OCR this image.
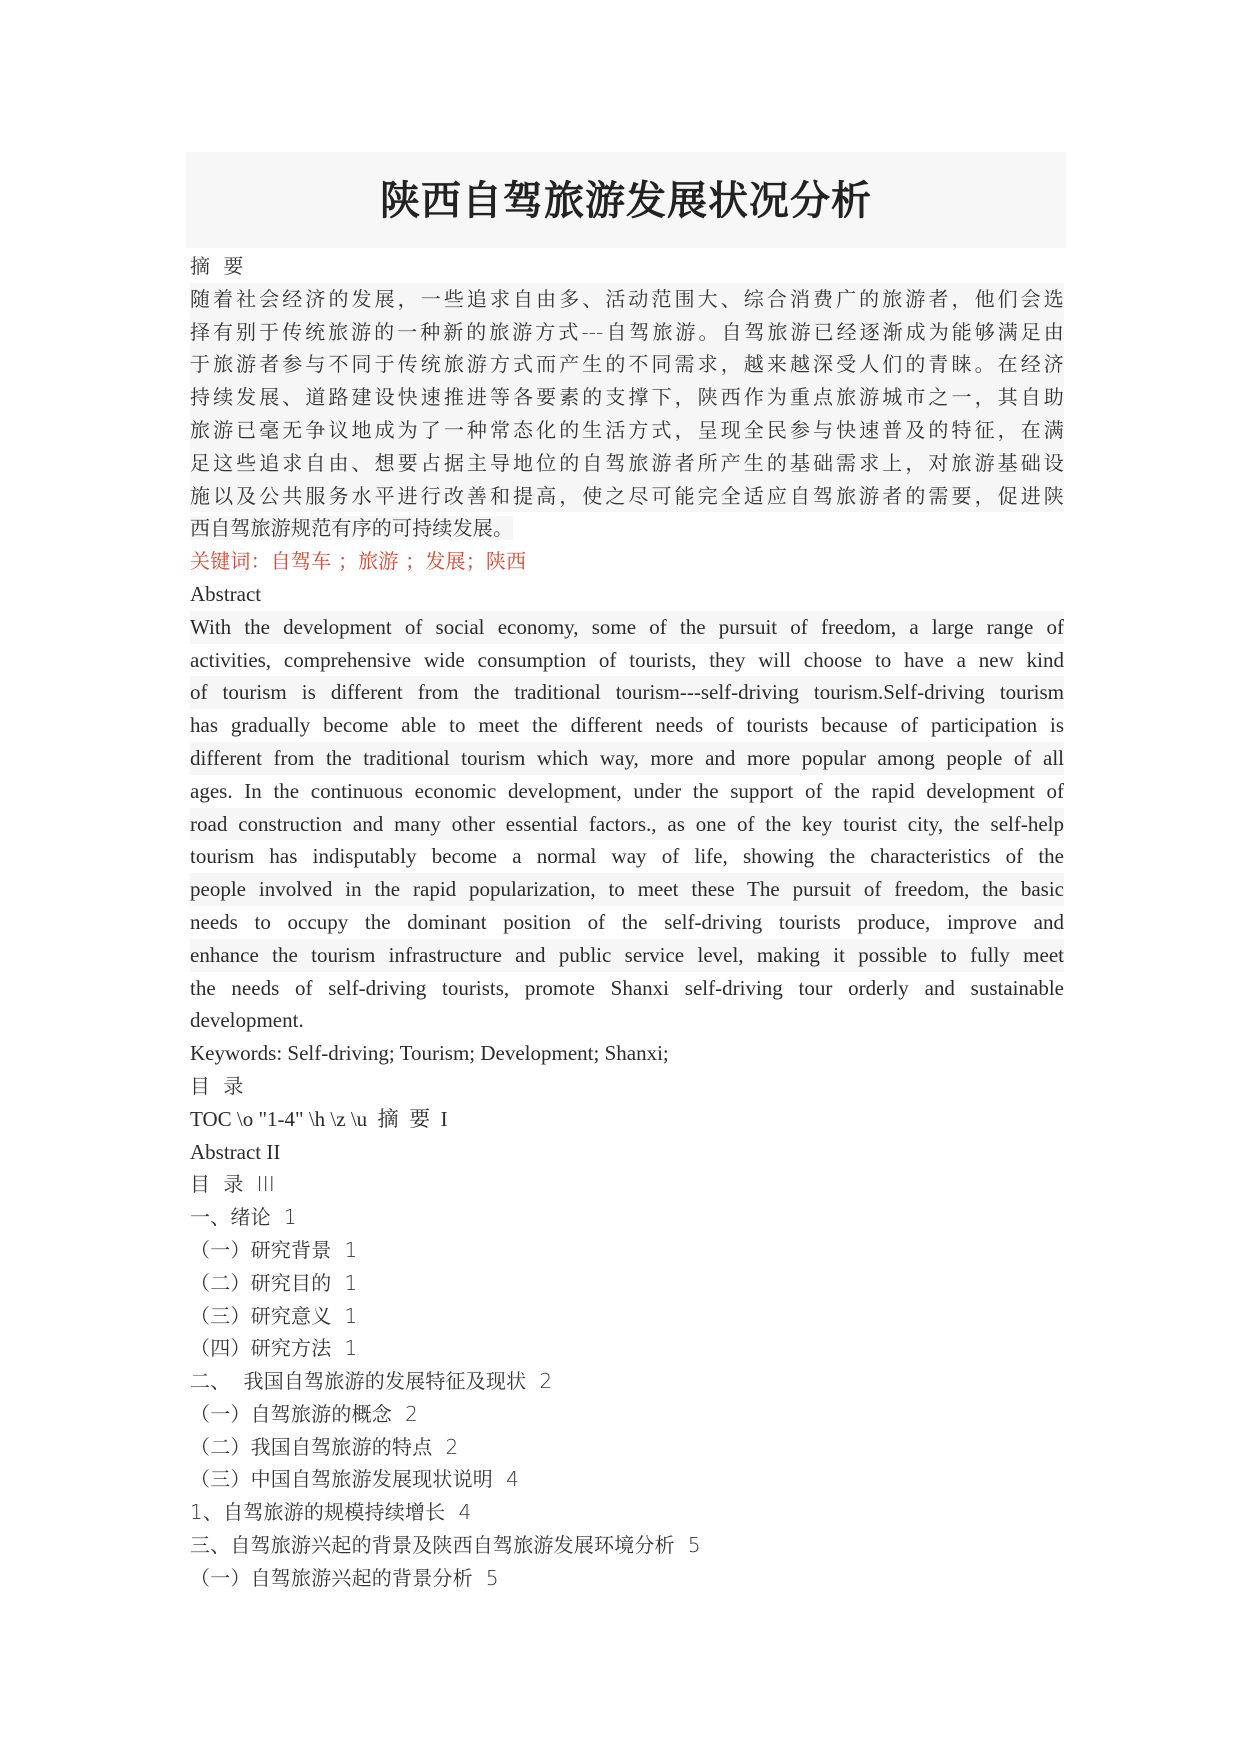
陕西自驾旅游发展状况分析
摘  要
随着社会经济的发展，一些追求自由多、活动范围大、综合消费广的旅游者，他们会选
择有别于传统旅游的一种新的旅游方式---自驾旅游。自驾旅游已经逐渐成为能够满足由
于旅游者参与不同于传统旅游方式而产生的不同需求，越来越深受人们的青睐。在经济
持续发展、道路建设快速推进等各要素的支撑下，陕西作为重点旅游城市之一，其自助
旅游已毫无争议地成为了一种常态化的生活方式，呈现全民参与快速普及的特征，在满
足这些追求自由、想要占据主导地位的自驾旅游者所产生的基础需求上，对旅游基础设
施以及公共服务水平进行改善和提高，使之尽可能完全适应自驾旅游者的需要，促进陕
西自驾旅游规范有序的可持续发展。
关键词：自驾车 ；旅游 ；发展；陕西
Abstract
With the development of social economy, some of the pursuit of freedom, a large range of
activities, comprehensive wide consumption of tourists, they will choose to have a new kind
of tourism is different from the traditional tourism---self-driving tourism.Self-driving tourism
has gradually become able to meet the different needs of tourists because of participation is
different from the traditional tourism which way, more and more popular among people of all
ages. In the continuous economic development, under the support of the rapid development of
road construction and many other essential factors., as one of the key tourist city, the self-help
tourism has indisputably become a normal way of life, showing the characteristics of the
people involved in the rapid popularization, to meet these The pursuit of freedom, the basic
needs to occupy the dominant position of the self-driving tourists produce, improve and
enhance the tourism infrastructure and public service level, making it possible to fully meet
the needs of self-driving tourists, promote Shanxi self-driving tour orderly and sustainable
development.
Keywords: Self-driving; Tourism; Development; Shanxi;
目  录
TOC \o "1-4" \h \z \u  摘  要  I
Abstract II
目  录  III
一、绪论  1
（一）研究背景  1
（二）研究目的  1
（三）研究意义  1
（四）研究方法  1
二、  我国自驾旅游的发展特征及现状  2
（一）自驾旅游的概念  2
（二）我国自驾旅游的特点  2
（三）中国自驾旅游发展现状说明  4
1、自驾旅游的规模持续增长  4
三、自驾旅游兴起的背景及陕西自驾旅游发展环境分析  5
（一）自驾旅游兴起的背景分析  5
